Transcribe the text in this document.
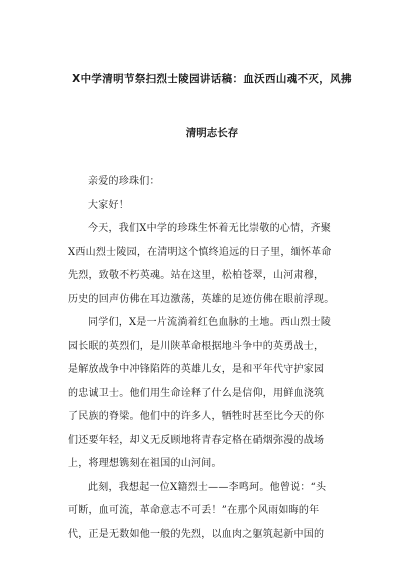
X中学清明节祭扫烈士陵园讲话稿：血沃西山魂不灭，风拂
清明志长存

亲爱的珍珠们：

大家好！

今天，我们X中学的珍珠生怀着无比崇敬的心情，齐聚

X西山烈士陵园，在清明这个慎终追远的日子里，缅怀革命

先烈，致敬不朽英魂。站在这里，松柏苍翠，山河肃穆，

历史的回声仿佛在耳边激荡，英雄的足迹仿佛在眼前浮现。

同学们，X是一片流淌着红色血脉的土地。西山烈士陵

园长眠的英烈们，是川陕革命根据地斗争中的英勇战士，

是解放战争中冲锋陷阵的英雄儿女，是和平年代守护家园

的忠诚卫士。他们用生命诠释了什么是信仰，用鲜血浇筑

了民族的脊梁。他们中的许多人，牺牲时甚至比今天的你

们还要年轻，却义无反顾地将青春定格在硝烟弥漫的战场

上，将理想镌刻在祖国的山河间。

此刻，我想起一位X籍烈士——李鸣珂。他曾说：“头

可断，血可流，革命意志不可丢！”在那个风雨如晦的年

代，正是无数如他一般的先烈，以血肉之躯筑起新中国的
